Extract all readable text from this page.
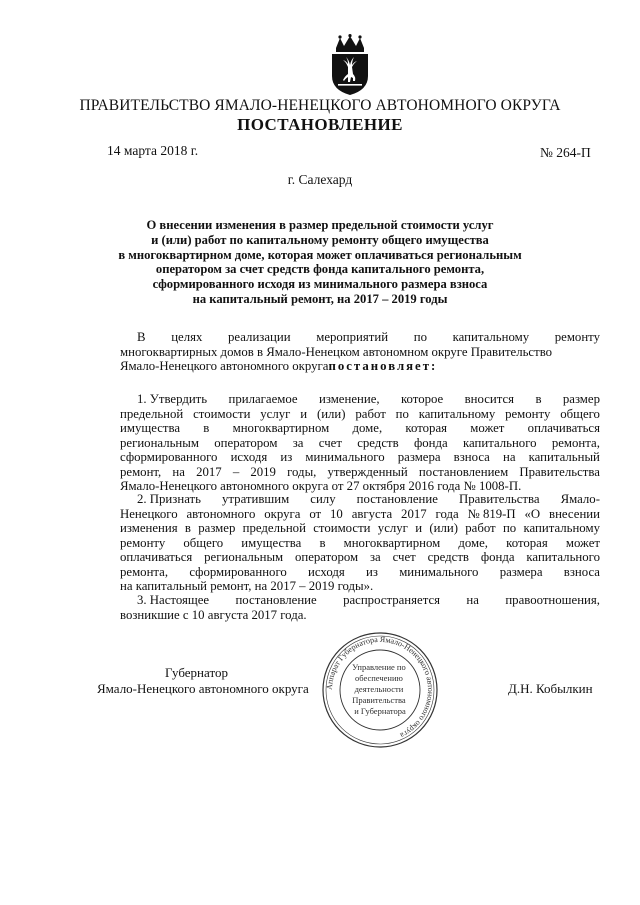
ПРАВИТЕЛЬСТВО ЯМАЛО-НЕНЕЦКОГО АВТОНОМНОГО ОКРУГА
ПОСТАНОВЛЕНИЕ
14 марта 2018 г.	№ 264-П
г. Салехард
О внесении изменения в размер предельной стоимости услуг
и (или) работ по капитальному ремонту общего имущества
в многоквартирном доме, которая может оплачиваться региональным
оператором за счет средств фонда капитального ремонта,
сформированного исходя из минимального размера взноса
на капитальный ремонт, на 2017 – 2019 годы
В целях реализации мероприятий по капитальному ремонту
многоквартирных домов в Ямало-Ненецком автономном округе Правительство
Ямало-Ненецкого автономного округа постановляет:
1. Утвердить прилагаемое изменение, которое вносится в размер
предельной стоимости услуг и (или) работ по капитальному ремонту общего
имущества в многоквартирном доме, которая может оплачиваться
региональным оператором за счет средств фонда капитального ремонта,
сформированного исходя из минимального размера взноса на капитальный
ремонт, на 2017 – 2019 годы, утвержденный постановлением Правительства
Ямало-Ненецкого автономного округа от 27 октября 2016 года № 1008-П.
2. Признать утратившим силу постановление Правительства Ямало-
Ненецкого автономного округа от 10 августа 2017 года № 819-П «О внесении
изменения в размер предельной стоимости услуг и (или) работ по капитальному
ремонту общего имущества в многоквартирном доме, которая может
оплачиваться региональным оператором за счет средств фонда капитального
ремонта, сформированного исходя из минимального размера взноса
на капитальный ремонт, на 2017 – 2019 годы».
3. Настоящее постановление распространяется на правоотношения,
возникшие с 10 августа 2017 года.
Аппарат Губернатора Ямало-Ненецкого автономного округа
Управление по обеспечению деятельности Правительства и Губернатора
Губернатор
Ямало-Ненецкого автономного округа	Д.Н. Кобылкин
